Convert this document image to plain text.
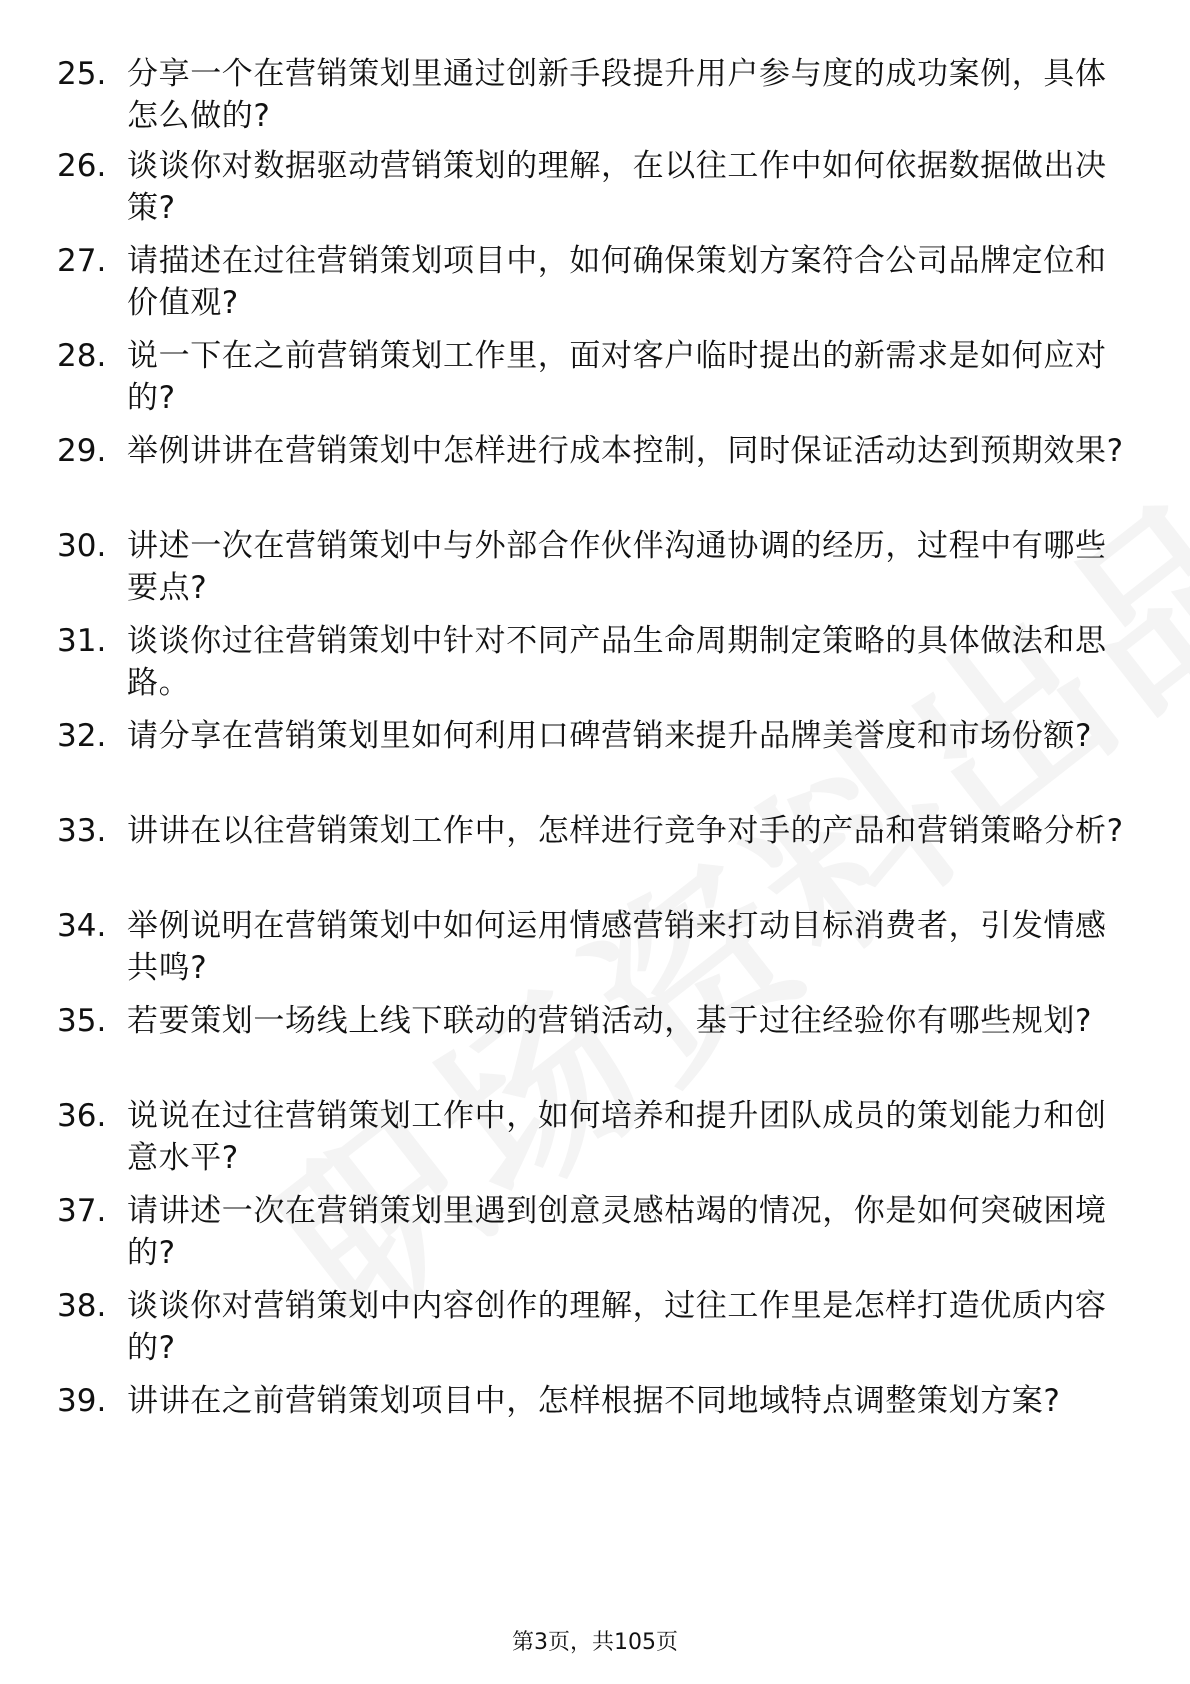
25. 分享一个在营销策划里通过创新手段提升用户参与度的成功案例，具体怎么做的?
26. 谈谈你对数据驱动营销策划的理解，在以往工作中如何依据数据做出决策?
27. 请描述在过往营销策划项目中，如何确保策划方案符合公司品牌定位和价值观?
28. 说一下在之前营销策划工作里，面对客户临时提出的新需求是如何应对的?
29. 举例讲讲在营销策划中怎样进行成本控制，同时保证活动达到预期效果?
30. 讲述一次在营销策划中与外部合作伙伴沟通协调的经历，过程中有哪些要点?
31. 谈谈你过往营销策划中针对不同产品生命周期制定策略的具体做法和思路。
32. 请分享在营销策划里如何利用口碑营销来提升品牌美誉度和市场份额?
33. 讲讲在以往营销策划工作中，怎样进行竞争对手的产品和营销策略分析?
34. 举例说明在营销策划中如何运用情感营销来打动目标消费者，引发情感共鸣?
35. 若要策划一场线上线下联动的营销活动，基于过往经验你有哪些规划?
36. 说说在过往营销策划工作中，如何培养和提升团队成员的策划能力和创意水平?
37. 请讲述一次在营销策划里遇到创意灵感枯竭的情况，你是如何突破困境的?
38. 谈谈你对营销策划中内容创作的理解，过往工作里是怎样打造优质内容的?
39. 讲讲在之前营销策划项目中，怎样根据不同地域特点调整策划方案?
第3页，共105页
